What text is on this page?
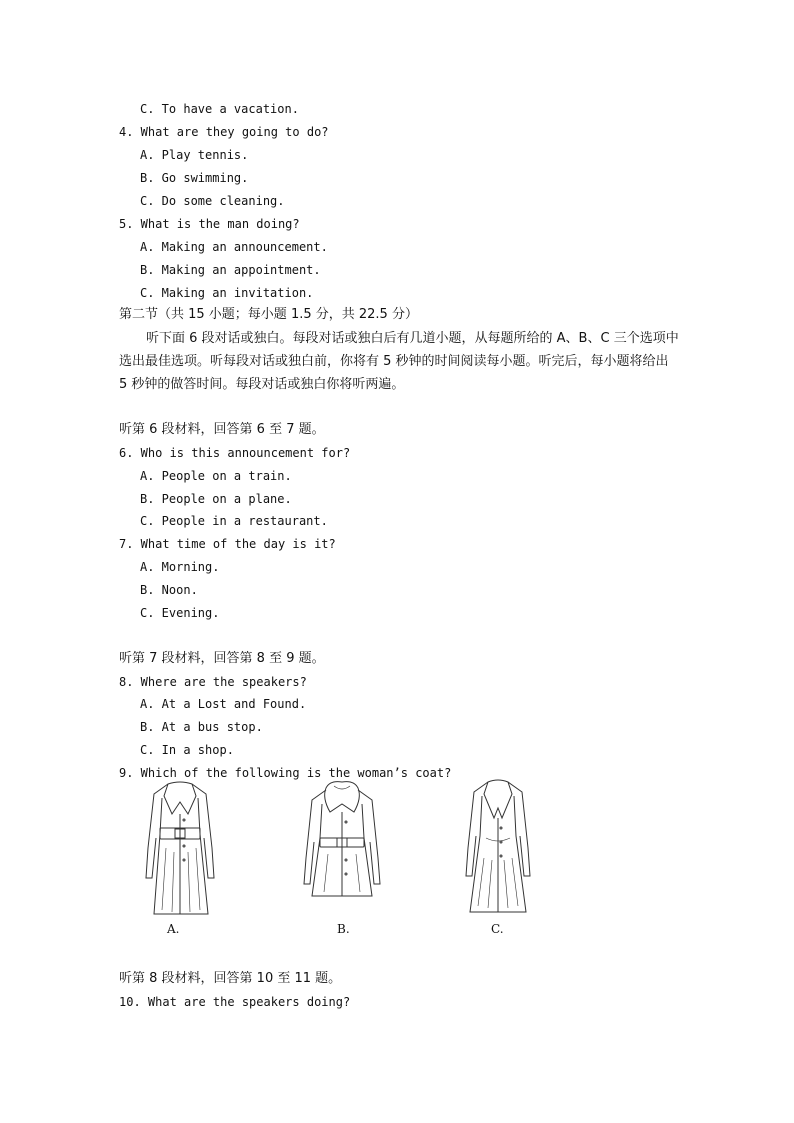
C. To have a vacation.
4. What are they going to do?
A. Play tennis.
B. Go swimming.
C. Do some cleaning.
5. What is the man doing?
A. Making an announcement.
B. Making an appointment.
C. Making an invitation.
第二节（共 15 小题；每小题 1.5 分，共 22.5 分）
听下面 6 段对话或独白。每段对话或独白后有几道小题，从每题所给的 A、B、C 三个选项中选出最佳选项。听每段对话或独白前，你将有 5 秒钟的时间阅读每小题。听完后，每小题将给出 5 秒钟的做答时间。每段对话或独白你将听两遍。
听第 6 段材料，回答第 6 至 7 题。
6. Who is this announcement for?
A. People on a train.
B. People on a plane.
C. People in a restaurant.
7. What time of the day is it?
A. Morning.
B. Noon.
C. Evening.
听第 7 段材料，回答第 8 至 9 题。
8. Where are the speakers?
A. At a Lost and Found.
B. At a bus stop.
C. In a shop.
9. Which of the following is the woman’s coat?
A.	B.	C.
听第 8 段材料，回答第 10 至 11 题。
10. What are the speakers doing?
